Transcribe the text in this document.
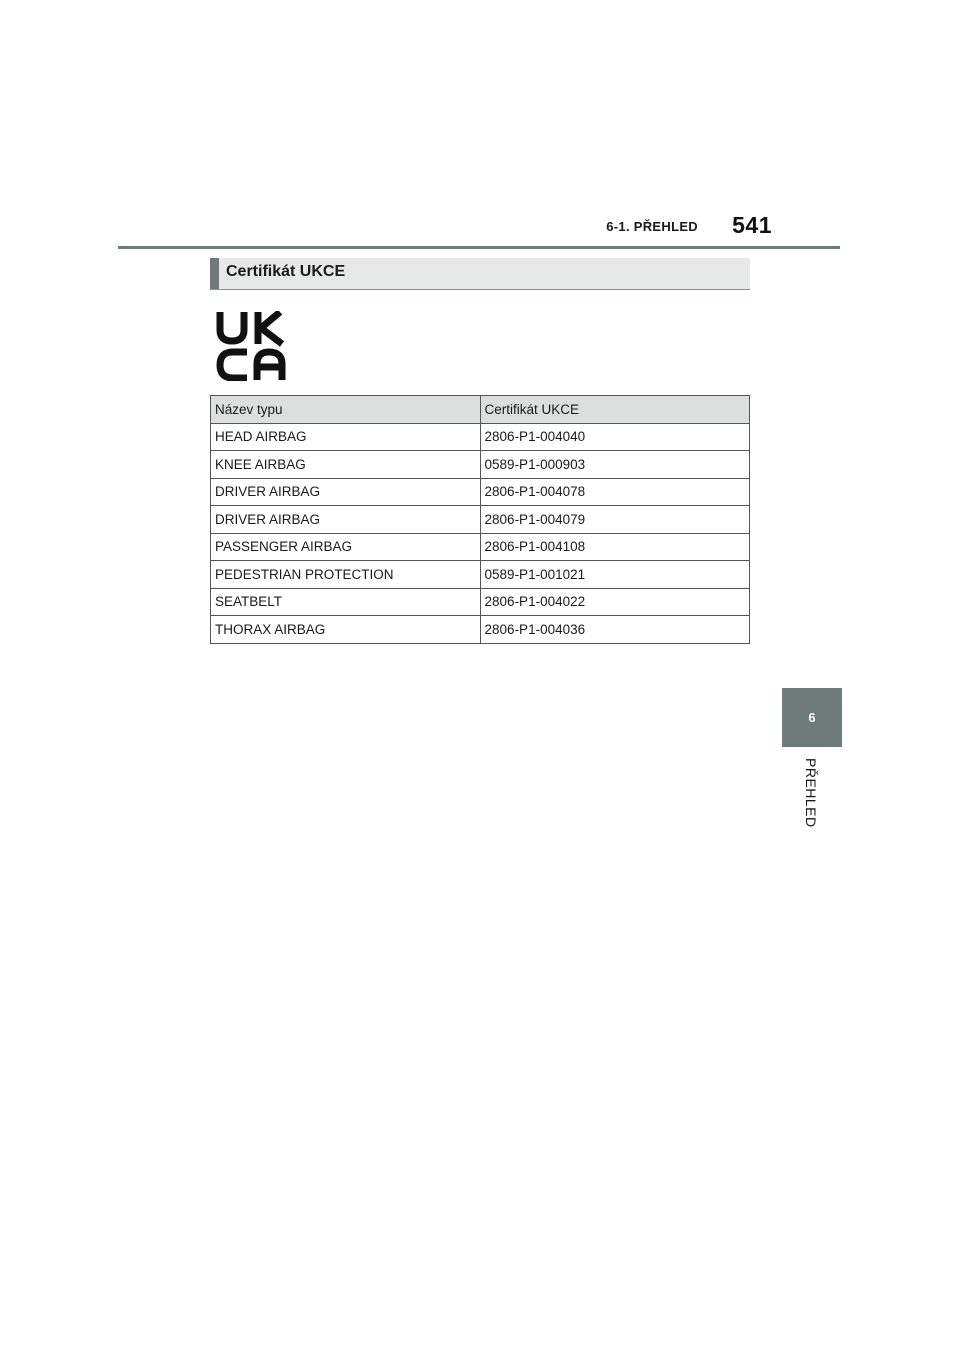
6-1. PŘEHLED 541
Certifikát UKCE
Název typu	Certifikát UKCE
HEAD AIRBAG	2806-P1-004040
KNEE AIRBAG	0589-P1-000903
DRIVER AIRBAG	2806-P1-004078
DRIVER AIRBAG	2806-P1-004079
PASSENGER AIRBAG	2806-P1-004108
PEDESTRIAN PROTECTION	0589-P1-001021
SEATBELT	2806-P1-004022
THORAX AIRBAG	2806-P1-004036
6
PŘEHLED
